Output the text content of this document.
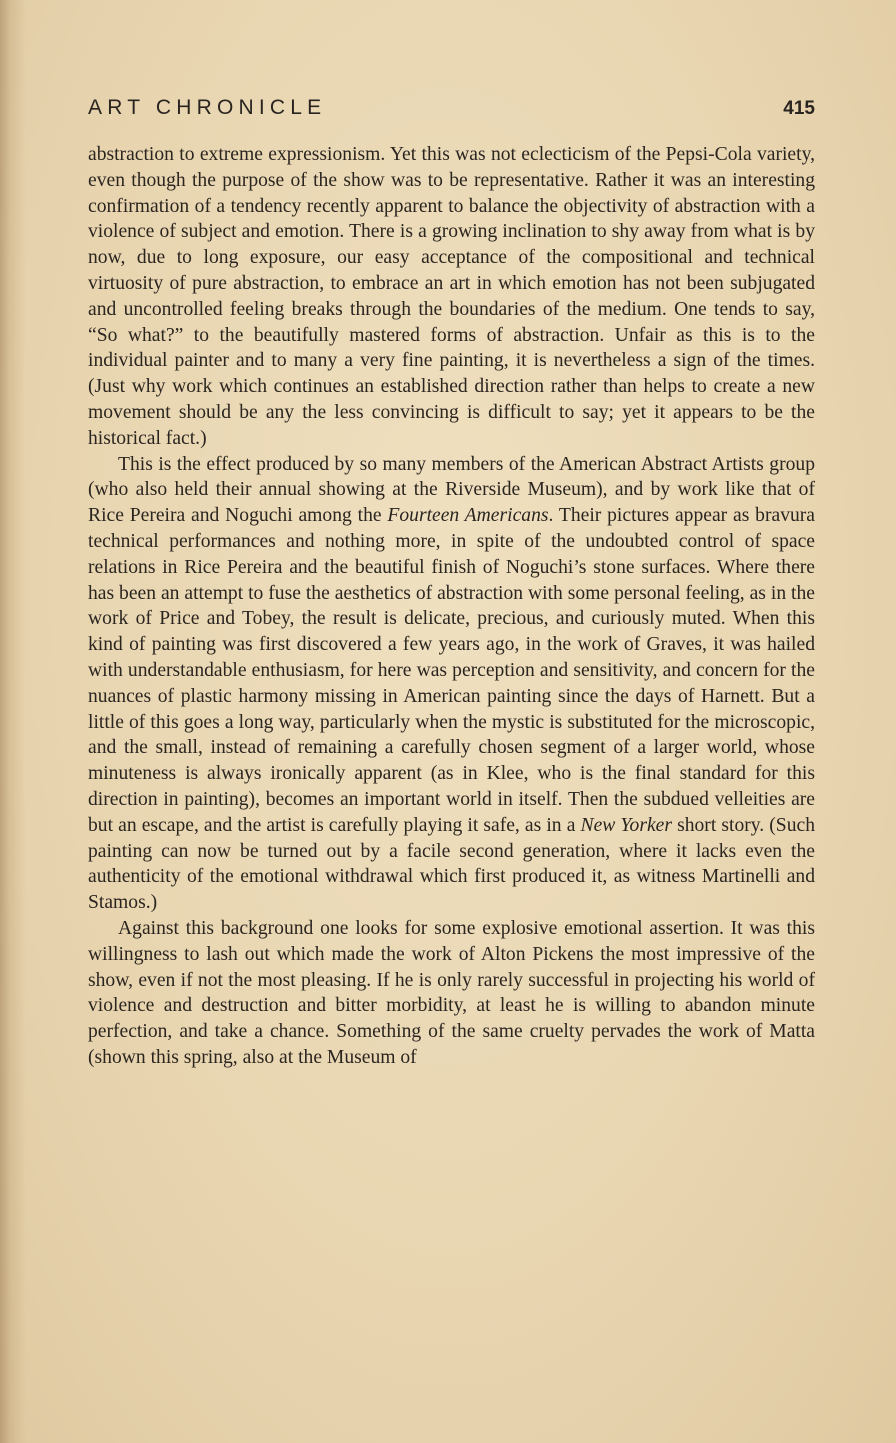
ART CHRONICLE	415

abstraction to extreme expressionism. Yet this was not eclecticism of the Pepsi-Cola variety, even though the purpose of the show was to be representative. Rather it was an interesting confirmation of a tendency recently apparent to balance the objectivity of abstraction with a violence of subject and emotion. There is a growing inclination to shy away from what is by now, due to long exposure, our easy acceptance of the compositional and technical virtuosity of pure abstraction, to embrace an art in which emotion has not been subjugated and uncontrolled feeling breaks through the boundaries of the medium. One tends to say, “So what?” to the beautifully mastered forms of abstraction. Unfair as this is to the individual painter and to many a very fine painting, it is nevertheless a sign of the times. (Just why work which continues an established direction rather than helps to create a new movement should be any the less convincing is difficult to say; yet it appears to be the historical fact.)

This is the effect produced by so many members of the American Abstract Artists group (who also held their annual showing at the Riverside Museum), and by work like that of Rice Pereira and Noguchi among the Fourteen Americans. Their pictures appear as bravura technical performances and nothing more, in spite of the undoubted control of space relations in Rice Pereira and the beautiful finish of Noguchi’s stone surfaces. Where there has been an attempt to fuse the aesthetics of abstraction with some personal feeling, as in the work of Price and Tobey, the result is delicate, precious, and curiously muted. When this kind of painting was first discovered a few years ago, in the work of Graves, it was hailed with understandable enthusiasm, for here was perception and sensitivity, and concern for the nuances of plastic harmony missing in American painting since the days of Harnett. But a little of this goes a long way, particularly when the mystic is substituted for the microscopic, and the small, instead of remaining a carefully chosen segment of a larger world, whose minuteness is always ironically apparent (as in Klee, who is the final standard for this direction in painting), becomes an important world in itself. Then the subdued velleities are but an escape, and the artist is carefully playing it safe, as in a New Yorker short story. (Such painting can now be turned out by a facile second generation, where it lacks even the authenticity of the emotional withdrawal which first produced it, as witness Martinelli and Stamos.)

Against this background one looks for some explosive emotional assertion. It was this willingness to lash out which made the work of Alton Pickens the most impressive of the show, even if not the most pleasing. If he is only rarely successful in projecting his world of violence and destruction and bitter morbidity, at least he is willing to abandon minute perfection, and take a chance. Something of the same cruelty pervades the work of Matta (shown this spring, also at the Museum of
